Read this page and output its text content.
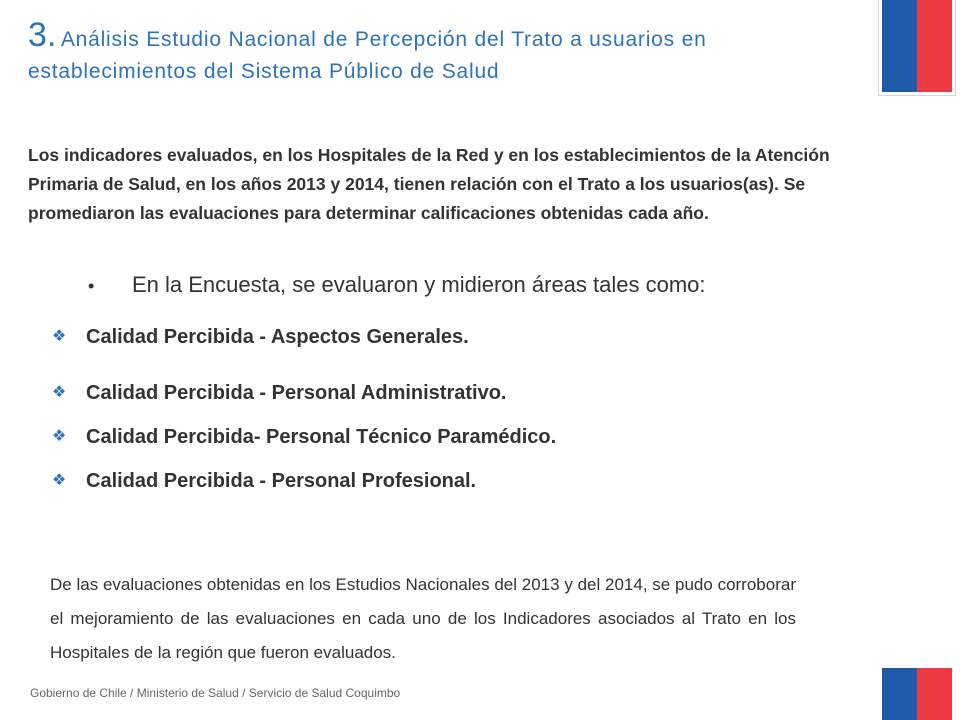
3. Análisis Estudio Nacional de Percepción del Trato a usuarios en establecimientos del Sistema Público de Salud
Los indicadores evaluados, en los Hospitales de la Red y en los establecimientos de la Atención Primaria de Salud, en los años 2013 y 2014, tienen relación con el Trato a los usuarios(as). Se promediaron las evaluaciones para determinar calificaciones obtenidas cada año.
• En la Encuesta, se evaluaron y midieron áreas tales como:
❖ Calidad Percibida - Aspectos Generales.
❖ Calidad Percibida - Personal Administrativo.
❖ Calidad Percibida- Personal Técnico Paramédico.
❖ Calidad Percibida - Personal Profesional.
De las evaluaciones obtenidas en los Estudios Nacionales del 2013 y del 2014, se pudo corroborar el mejoramiento de las evaluaciones en cada uno de los Indicadores asociados al Trato en los Hospitales de la región que fueron evaluados.
Gobierno de Chile / Ministerio de Salud / Servicio de Salud Coquimbo
